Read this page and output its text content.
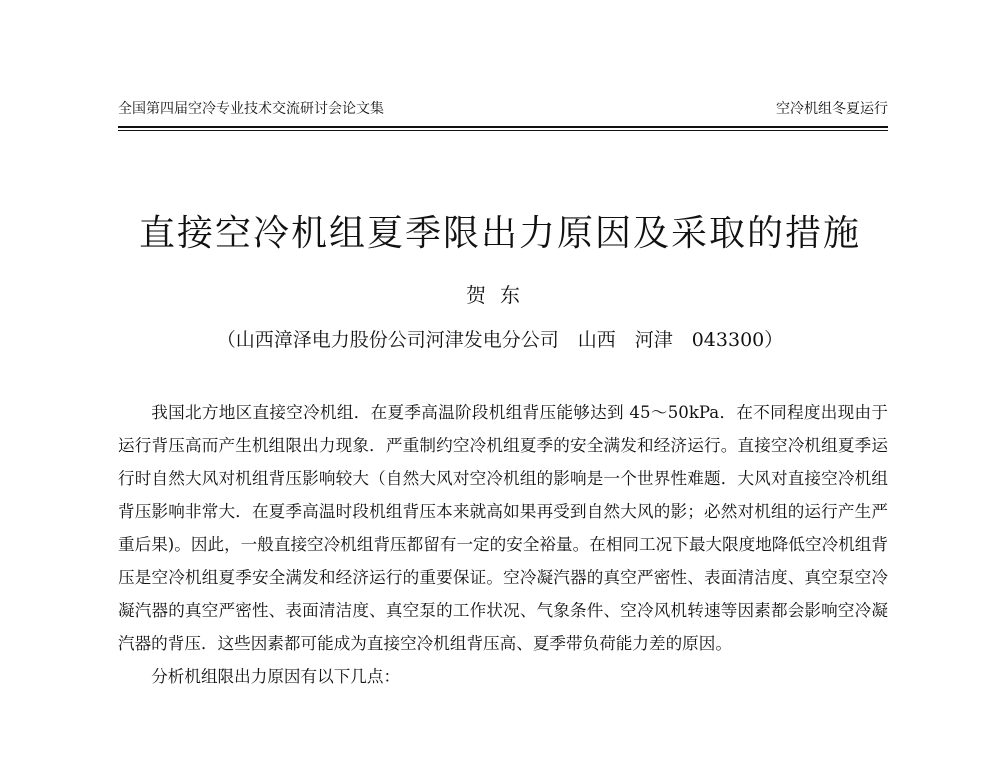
全国第四届空冷专业技术交流研讨会论文集	空冷机组冬夏运行
直接空冷机组夏季限出力原因及采取的措施
贺东
（山西漳泽电力股份公司河津发电分公司　山西　河津　043300）

我国北方地区直接空冷机组．在夏季高温阶段机组背压能够达到 45～50kPa．在不同程度出现由于运行背压高而产生机组限出力现象．严重制约空冷机组夏季的安全满发和经济运行。直接空冷机组夏季运行时自然大风对机组背压影响较大（自然大风对空冷机组的影响是一个世界性难题．大风对直接空冷机组背压影响非常大．在夏季高温时段机组背压本来就高如果再受到自然大风的影；必然对机组的运行产生严重后果)。因此，一般直接空冷机组背压都留有一定的安全裕量。在相同工况下最大限度地降低空冷机组背压是空冷机组夏季安全满发和经济运行的重要保证。空冷凝汽器的真空严密性、表面清洁度、真空泵空冷凝汽器的真空严密性、表面清洁度、真空泵的工作状况、气象条件、空冷风机转速等因素都会影响空冷凝汽器的背压．这些因素都可能成为直接空冷机组背压高、夏季带负荷能力差的原因。

分析机组限出力原因有以下几点：
